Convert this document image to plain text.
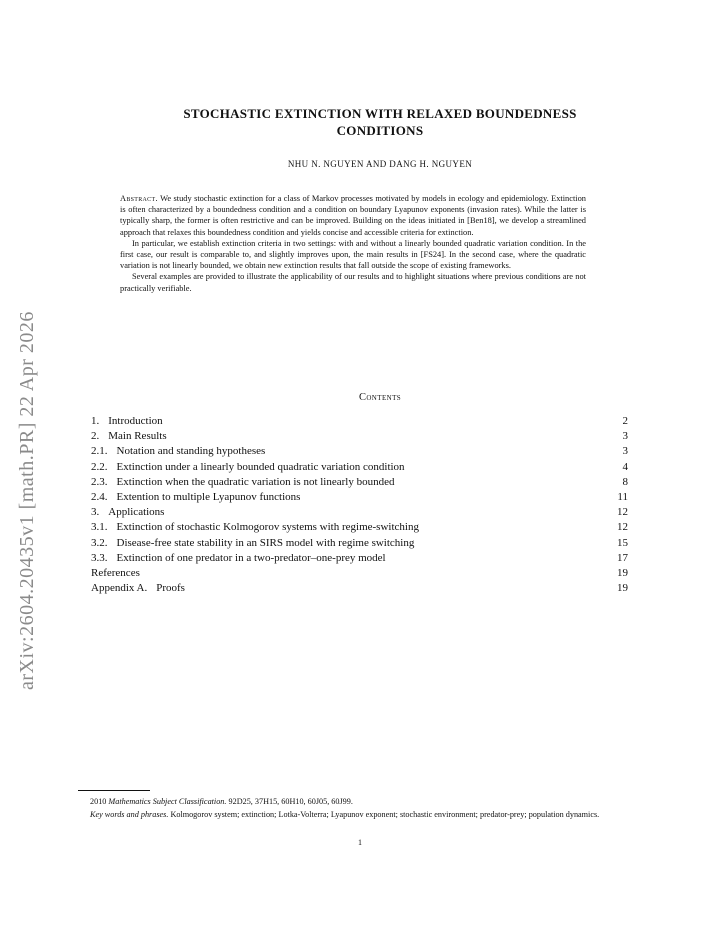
arXiv:2604.20435v1 [math.PR] 22 Apr 2026
STOCHASTIC EXTINCTION WITH RELAXED BOUNDEDNESS
CONDITIONS
NHU N. NGUYEN AND DANG H. NGUYEN

Abstract. We study stochastic extinction for a class of Markov processes motivated by models in ecology and epidemiology. Extinction is often characterized by a boundedness condition and a condition on boundary Lyapunov exponents (invasion rates). While the latter is typically sharp, the former is often restrictive and can be improved. Building on the ideas initiated in [Ben18], we develop a streamlined approach that relaxes this boundedness condition and yields concise and accessible criteria for extinction.

In particular, we establish extinction criteria in two settings: with and without a linearly bounded quadratic variation condition. In the first case, our result is comparable to, and slightly improves upon, the main results in [FS24]. In the second case, where the quadratic variation is not linearly bounded, we obtain new extinction results that fall outside the scope of existing frameworks.

Several examples are provided to illustrate the applicability of our results and to highlight situations where previous conditions are not practically verifiable.

Contents
1. Introduction	2
2. Main Results	3
2.1. Notation and standing hypotheses	3
2.2. Extinction under a linearly bounded quadratic variation condition	4
2.3. Extinction when the quadratic variation is not linearly bounded	8
2.4. Extention to multiple Lyapunov functions	11
3. Applications	12
3.1. Extinction of stochastic Kolmogorov systems with regime-switching	12
3.2. Disease-free state stability in an SIRS model with regime switching	15
3.3. Extinction of one predator in a two-predator–one-prey model	17
References	19
Appendix A. Proofs	19

2010 Mathematics Subject Classification. 92D25, 37H15, 60H10, 60J05, 60J99.

Key words and phrases. Kolmogorov system; extinction; Lotka-Volterra; Lyapunov exponent; stochastic environment; predator-prey; population dynamics.

1
